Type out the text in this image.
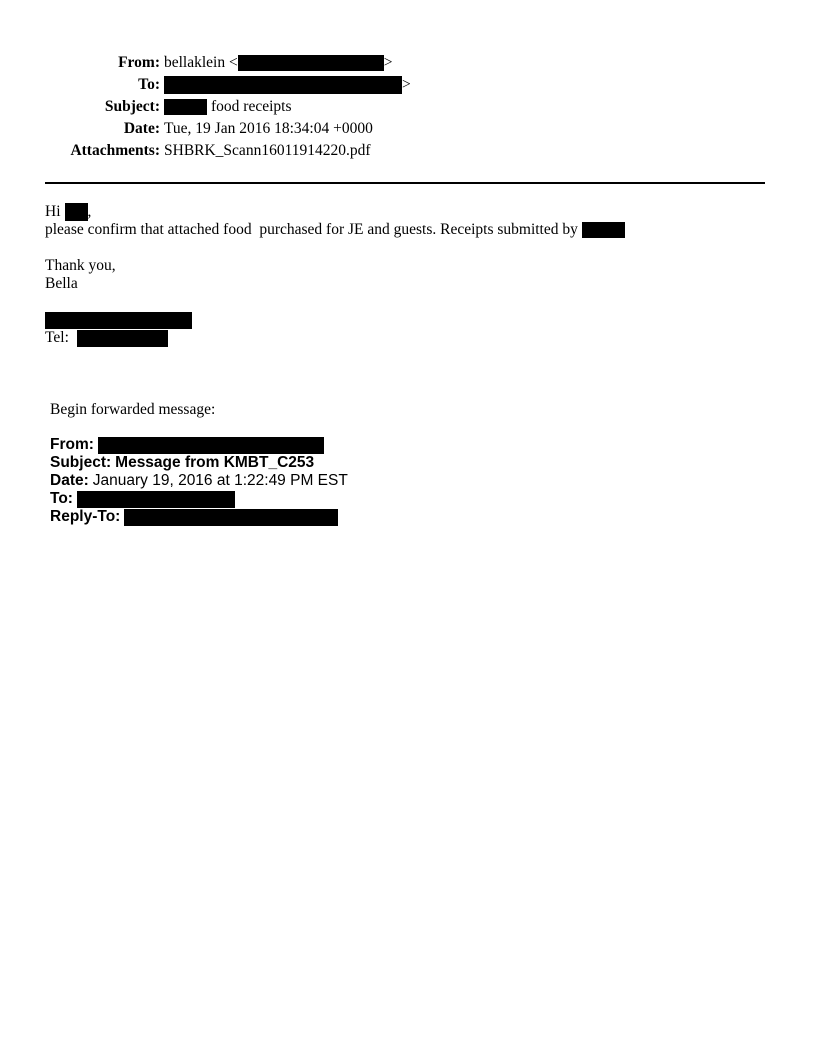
From: bellaklein <	>
To:	>
Subject:	food receipts
Date: Tue, 19 Jan 2016 18:34:04 +0000
Attachments: SHBRK_Scann16011914220.pdf
Hi ,
please confirm that attached food  purchased for JE and guests. Receipts submitted by
Thank you,
Bella
Tel:
Begin forwarded message:
From:
Subject: Message from KMBT_C253
Date: January 19, 2016 at 1:22:49 PM EST
To:
Reply-To:
